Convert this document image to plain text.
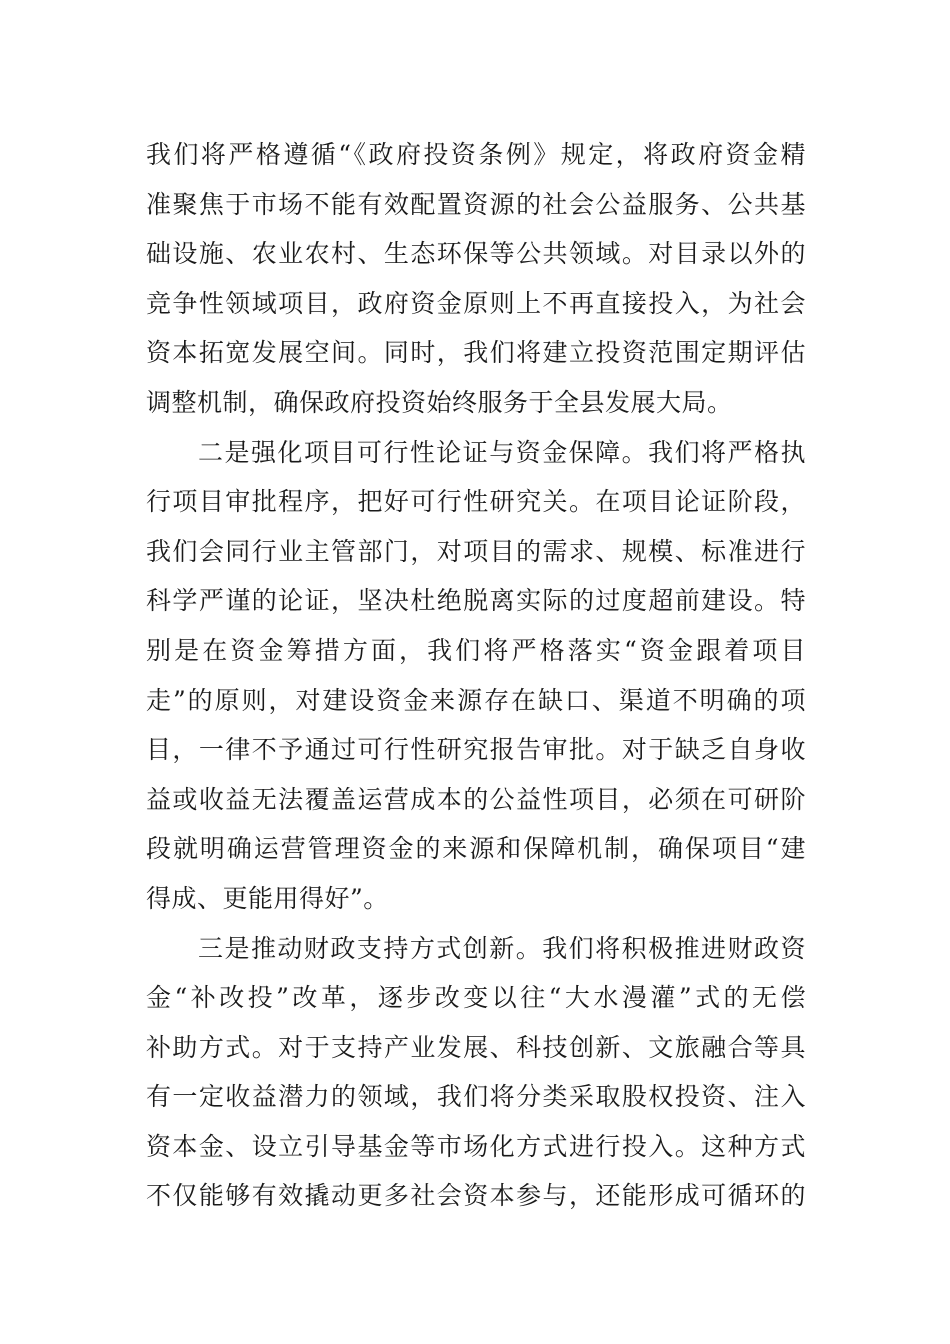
我们将严格遵循“《政府投资条例》规定，将政府资金精
准聚焦于市场不能有效配置资源的社会公益服务、公共基
础设施、农业农村、生态环保等公共领域。对目录以外的
竞争性领域项目，政府资金原则上不再直接投入，为社会
资本拓宽发展空间。同时，我们将建立投资范围定期评估
调整机制，确保政府投资始终服务于全县发展大局。
二是强化项目可行性论证与资金保障。我们将严格执
行项目审批程序，把好可行性研究关。在项目论证阶段，
我们会同行业主管部门，对项目的需求、规模、标准进行
科学严谨的论证，坚决杜绝脱离实际的过度超前建设。特
别是在资金筹措方面，我们将严格落实“资金跟着项目
走”的原则，对建设资金来源存在缺口、渠道不明确的项
目，一律不予通过可行性研究报告审批。对于缺乏自身收
益或收益无法覆盖运营成本的公益性项目，必须在可研阶
段就明确运营管理资金的来源和保障机制，确保项目“建
得成、更能用得好”。
三是推动财政支持方式创新。我们将积极推进财政资
金“补改投”改革，逐步改变以往“大水漫灌”式的无偿
补助方式。对于支持产业发展、科技创新、文旅融合等具
有一定收益潜力的领域，我们将分类采取股权投资、注入
资本金、设立引导基金等市场化方式进行投入。这种方式
不仅能够有效撬动更多社会资本参与，还能形成可循环的
